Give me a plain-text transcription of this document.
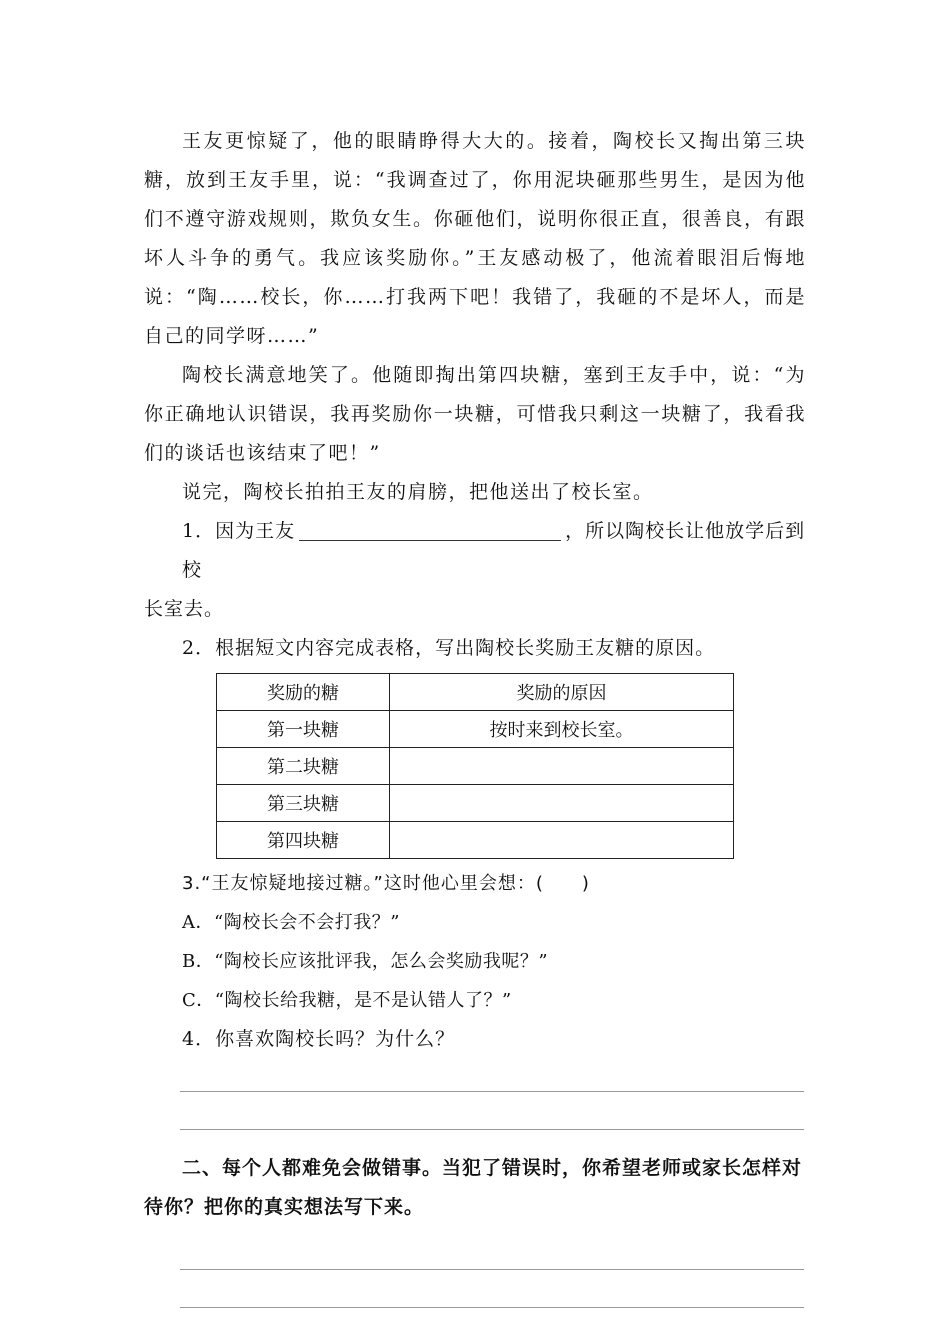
王友更惊疑了，他的眼睛睁得大大的。接着，陶校长又掏出第三块糖，放到王友手里，说：“我调查过了，你用泥块砸那些男生，是因为他们不遵守游戏规则，欺负女生。你砸他们，说明你很正直，很善良，有跟坏人斗争的勇气。我应该奖励你。”王友感动极了，他流着眼泪后悔地说：“陶……校长，你……打我两下吧！我错了，我砸的不是坏人，而是自己的同学呀……”

陶校长满意地笑了。他随即掏出第四块糖，塞到王友手中，说：“为你正确地认识错误，我再奖励你一块糖，可惜我只剩这一块糖了，我看我们的谈话也该结束了吧！”

说完，陶校长拍拍王友的肩膀，把他送出了校长室。

1．因为王友	，所以陶校长让他放学后到校

长室去。

2．根据短文内容完成表格，写出陶校长奖励王友糖的原因。

奖励的糖	奖励的原因
第一块糖	按时来到校长室。
第二块糖	
第三块糖	
第四块糖	

3.“王友惊疑地接过糖。”这时他心里会想：(　　)

A．“陶校长会不会打我？”

B．“陶校长应该批评我，怎么会奖励我呢？”

C．“陶校长给我糖，是不是认错人了？”

4．你喜欢陶校长吗？为什么？

二、每个人都难免会做错事。当犯了错误时，你希望老师或家长怎样对待你？把你的真实想法写下来。
